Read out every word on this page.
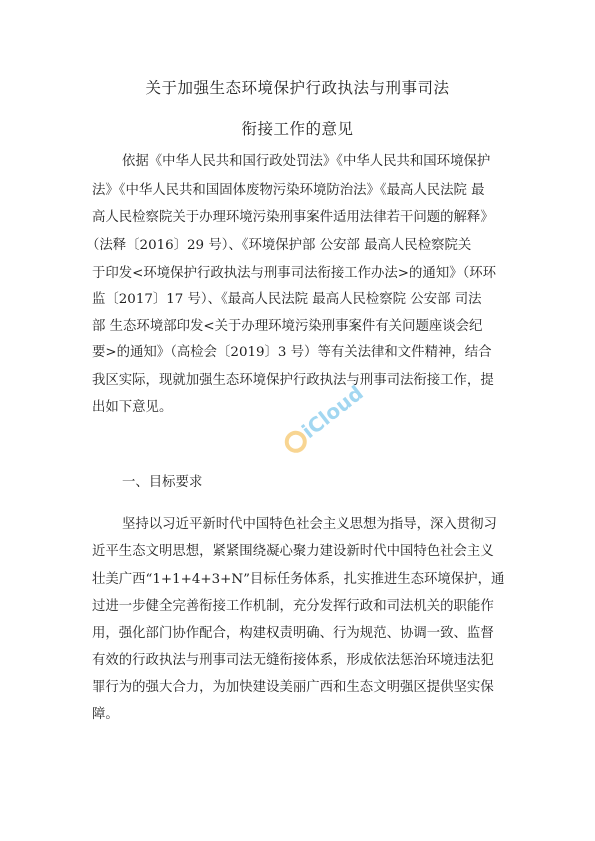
关于加强生态环境保护行政执法与刑事司法
衔接工作的意见
依据《中华人民共和国行政处罚法》《中华人民共和国环境保护
法》《中华人民共和国固体废物污染环境防治法》《最高人民法院 最
高人民检察院关于办理环境污染刑事案件适用法律若干问题的解释》
（法释〔2016〕29 号）、《环境保护部 公安部 最高人民检察院关
于印发<环境保护行政执法与刑事司法衔接工作办法>的通知》（环环
监〔2017〕17 号）、《最高人民法院 最高人民检察院 公安部 司法
部 生态环境部印发<关于办理环境污染刑事案件有关问题座谈会纪
要>的通知》（高检会〔2019〕3 号）等有关法律和文件精神，结合
我区实际，现就加强生态环境保护行政执法与刑事司法衔接工作，提
出如下意见。
一、目标要求
坚持以习近平新时代中国特色社会主义思想为指导，深入贯彻习
近平生态文明思想，紧紧围绕凝心聚力建设新时代中国特色社会主义
壮美广西“1+1+4+3+N”目标任务体系，扎实推进生态环境保护，通
过进一步健全完善衔接工作机制，充分发挥行政和司法机关的职能作
用，强化部门协作配合，构建权责明确、行为规范、协调一致、监督
有效的行政执法与刑事司法无缝衔接体系，形成依法惩治环境违法犯
罪行为的强大合力，为加快建设美丽广西和生态文明强区提供坚实保
障。
iCloud
